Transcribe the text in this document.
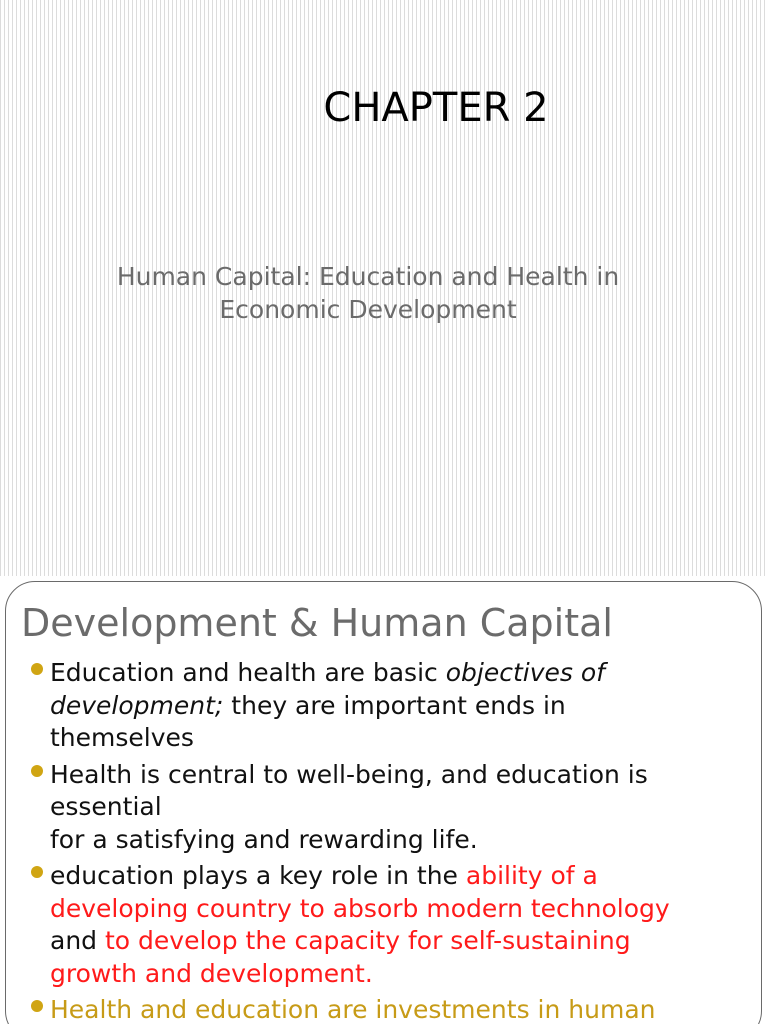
CHAPTER 2
Human Capital: Education and Health in
Economic Development
Development & Human Capital
Education and health are basic objectives of
development; they are important ends in
themselves
Health is central to well-being, and education is
essential
for a satisfying and rewarding life.
education plays a key role in the ability of a
developing country to absorb modern technology
and to develop the capacity for self-sustaining
growth and development.
Health and education are investments in human
